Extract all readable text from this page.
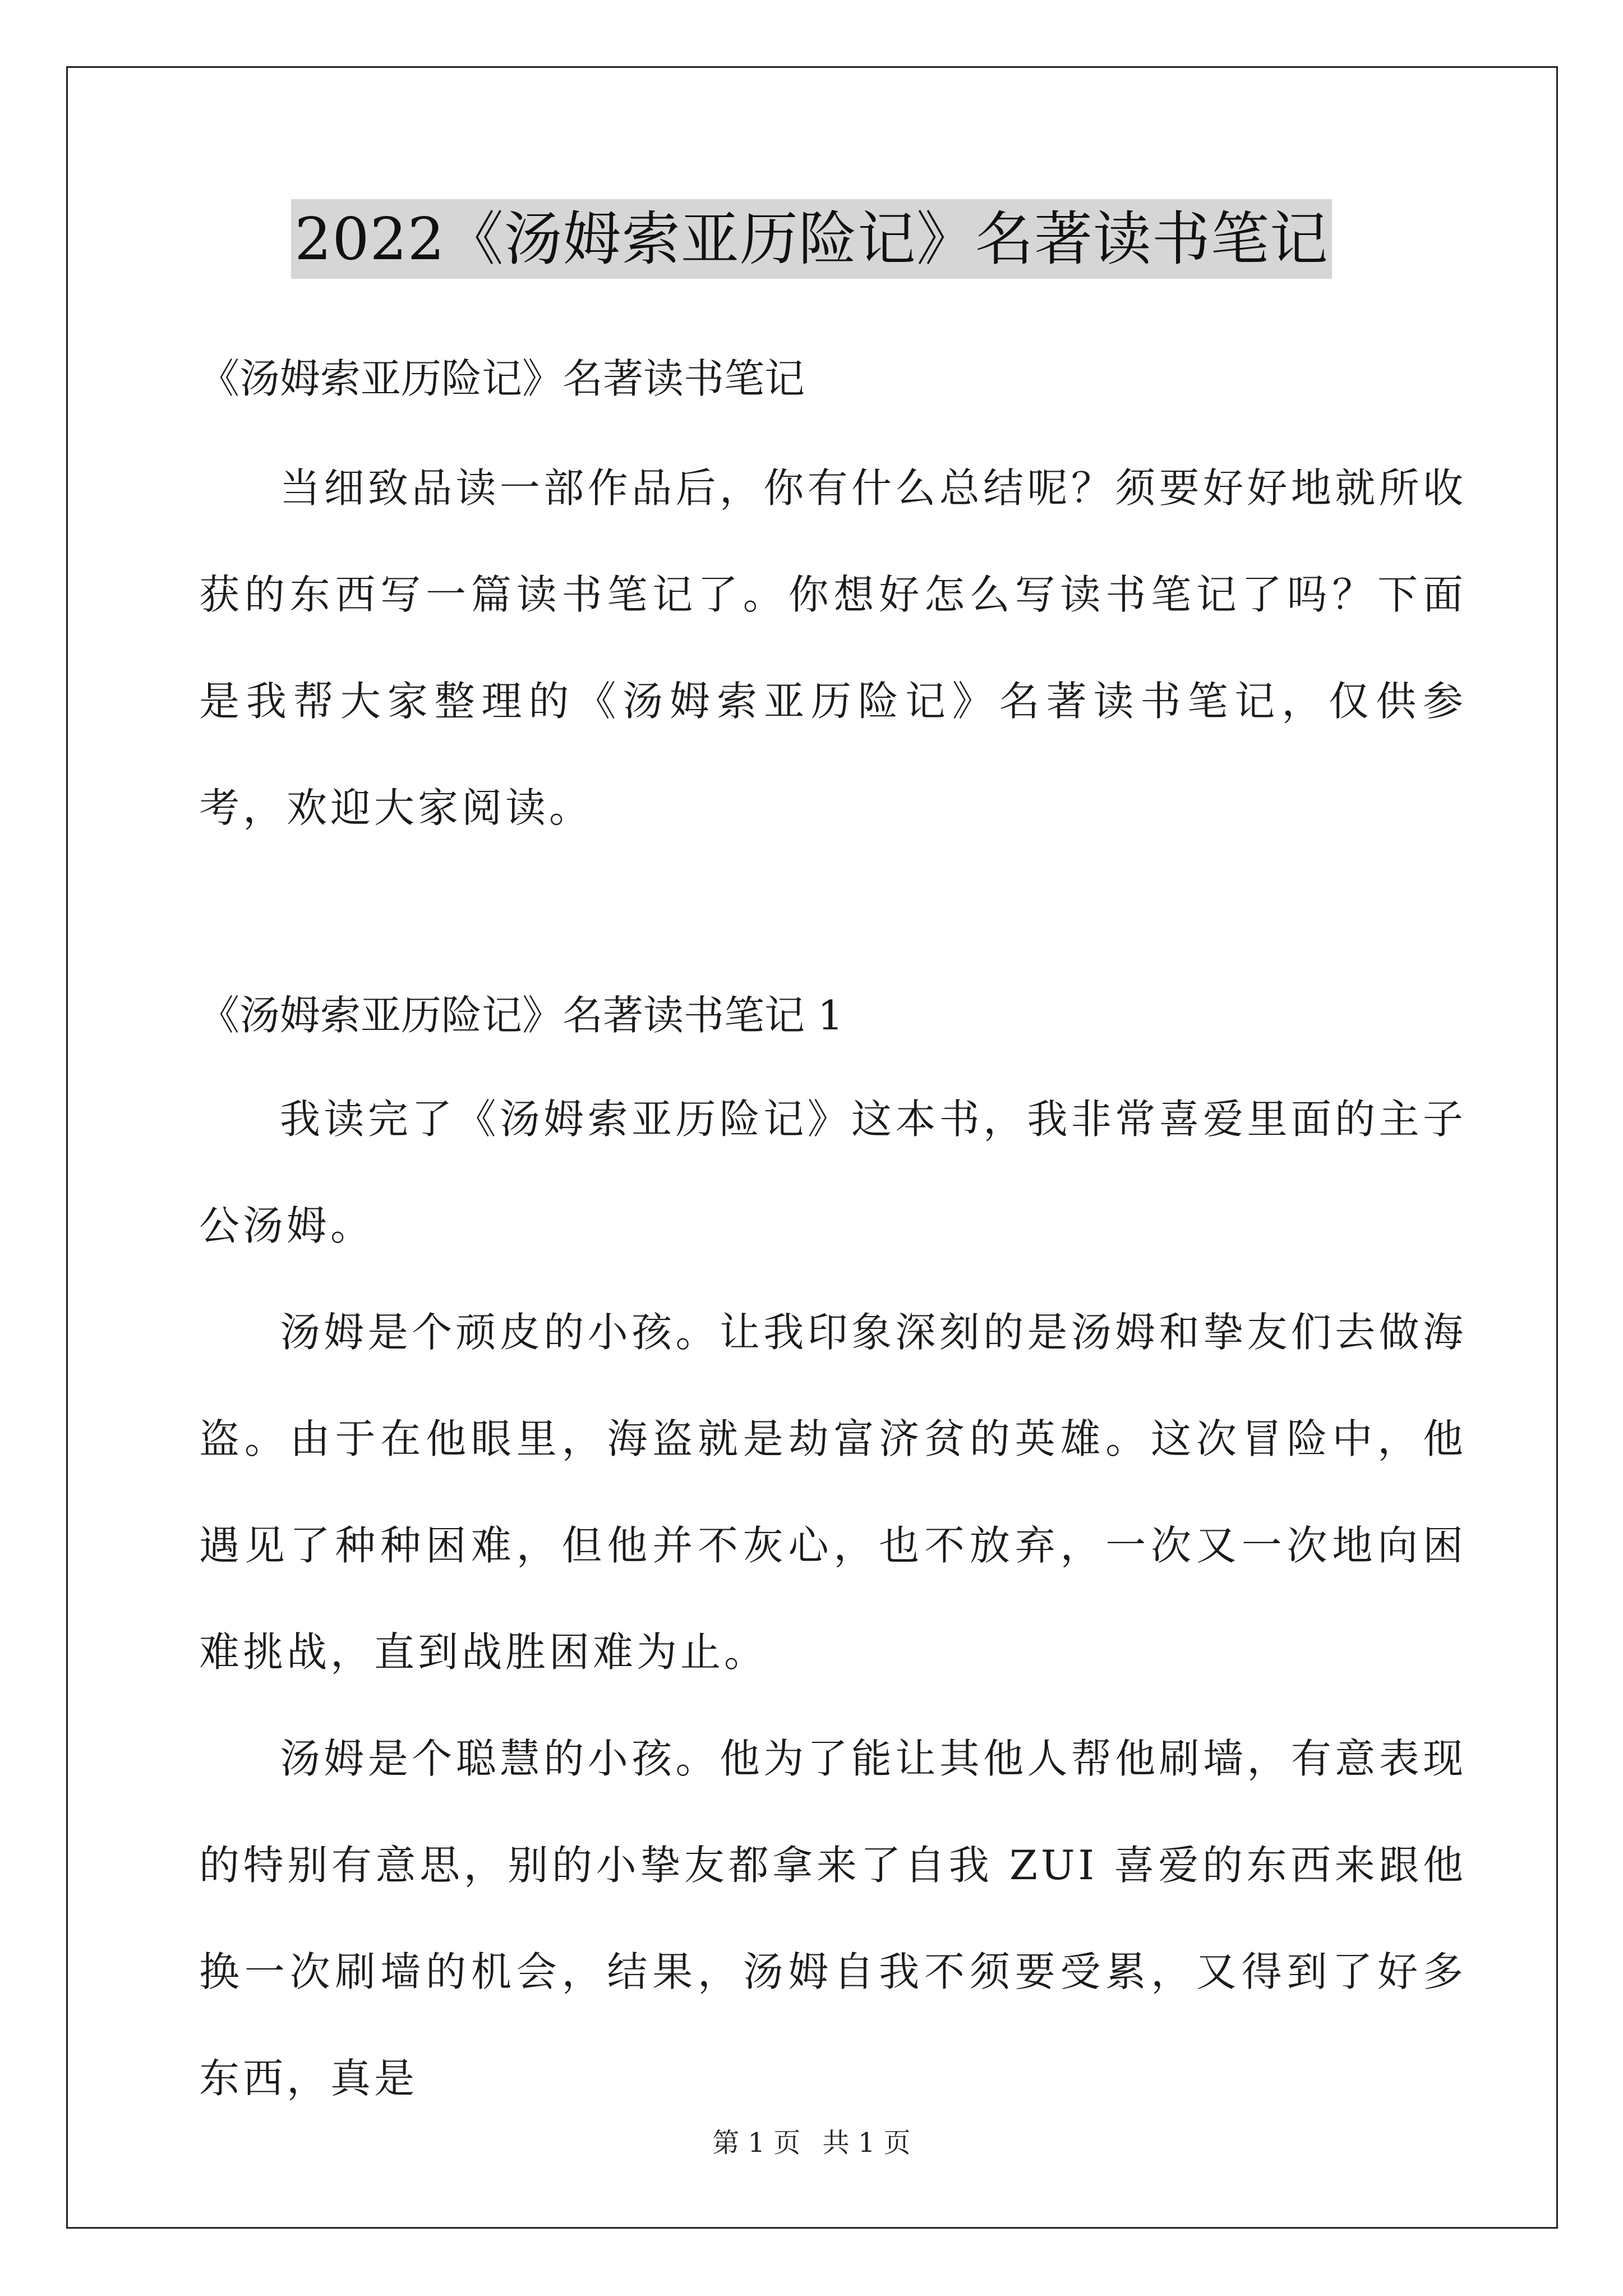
2022《汤姆索亚历险记》名著读书笔记
《汤姆索亚历险记》名著读书笔记

当细致品读一部作品后，你有什么总结呢？须要好好地就所收获的东西写一篇读书笔记了。你想好怎么写读书笔记了吗？下面是我帮大家整理的《汤姆索亚历险记》名著读书笔记，仅供参考，欢迎大家阅读。

《汤姆索亚历险记》名著读书笔记 1

我读完了《汤姆索亚历险记》这本书，我非常喜爱里面的主子公汤姆。

汤姆是个顽皮的小孩。让我印象深刻的是汤姆和挚友们去做海盗。由于在他眼里，海盗就是劫富济贫的英雄。这次冒险中，他遇见了种种困难，但他并不灰心，也不放弃，一次又一次地向困难挑战，直到战胜困难为止。

汤姆是个聪慧的小孩。他为了能让其他人帮他刷墙，有意表现的特别有意思，别的小挚友都拿来了自我 ZUI 喜爱的东西来跟他换一次刷墙的机会，结果，汤姆自我不须要受累，又得到了好多东西，真是

第 1 页 共 1 页
